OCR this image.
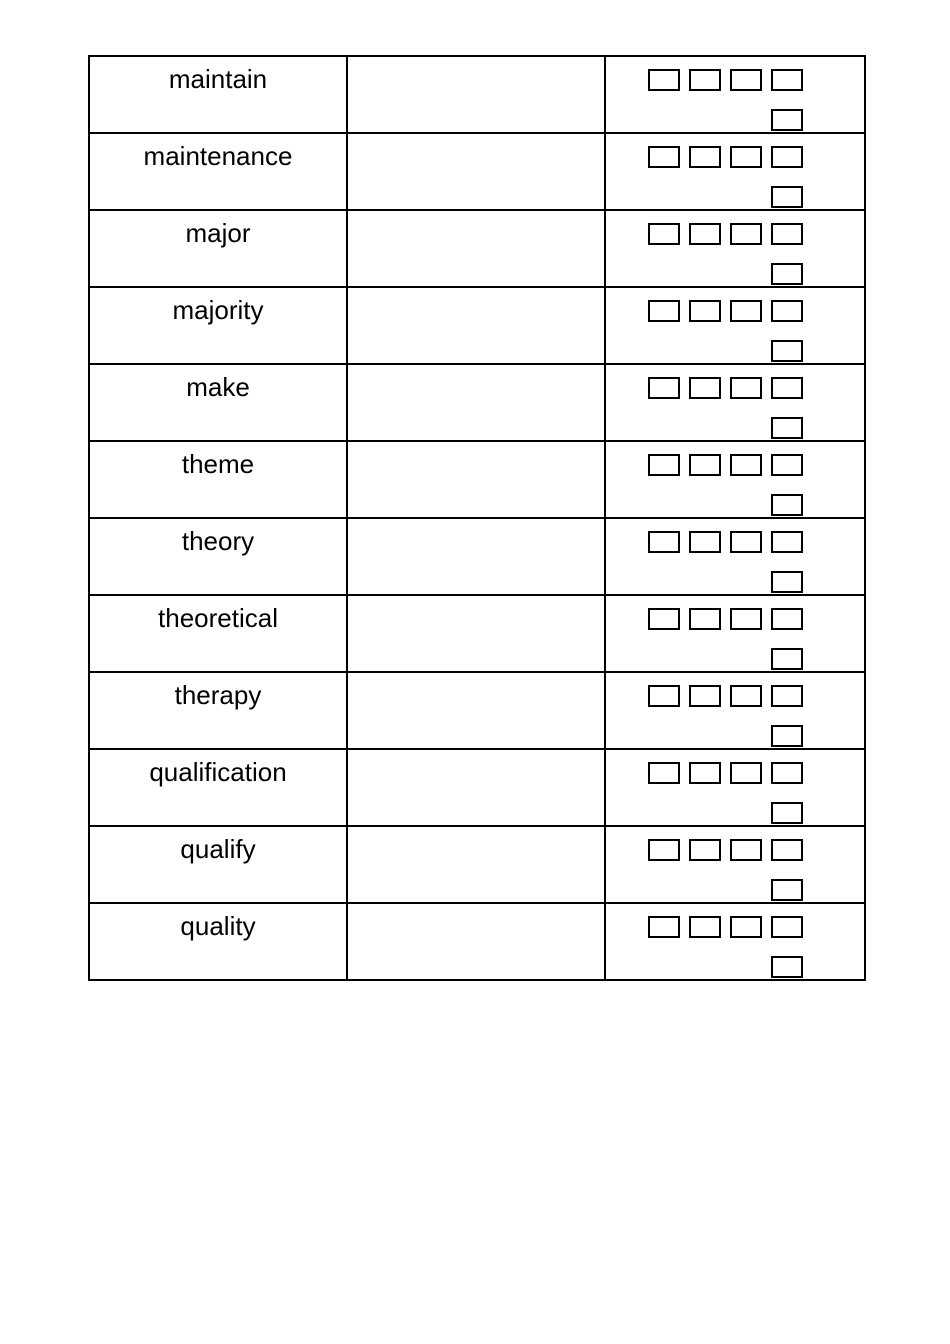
maintain		

maintenance		

major		

majority		

make		

theme		

theory		

theoretical		

therapy		

qualification		

qualify		

quality		
